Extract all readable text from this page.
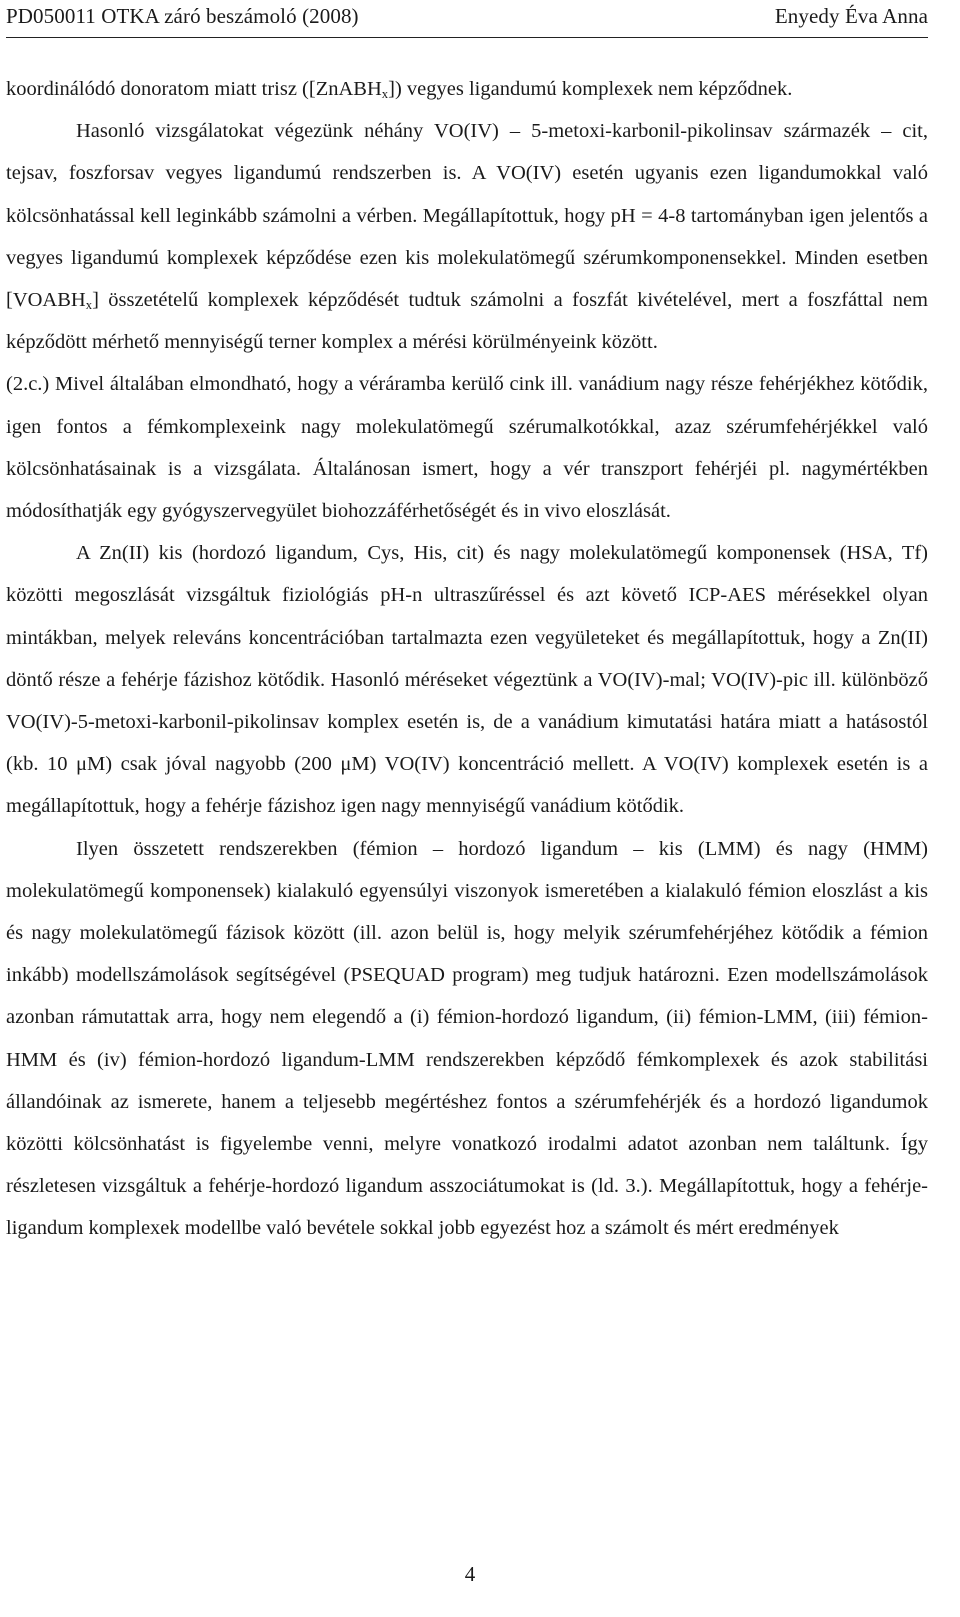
PD050011 OTKA záró beszámoló (2008)	Enyedy Éva Anna

koordinálódó donoratom miatt trisz ([ZnABH$_x$]) vegyes ligandumú komplexek nem képződnek.

Hasonló vizsgálatokat végezünk néhány VO(IV) – 5-metoxi-karbonil-pikolinsav származék – cit, tejsav, foszforsav vegyes ligandumú rendszerben is. A VO(IV) esetén ugyanis ezen ligandumokkal való kölcsönhatással kell leginkább számolni a vérben. Megállapítottuk, hogy pH = 4-8 tartományban igen jelentős a vegyes ligandumú komplexek képződése ezen kis molekulatömegű szérumkomponensekkel. Minden esetben $[VOABH_x]$ összetételű komplexek képződését tudtuk számolni a foszfát kivételével, mert a foszfáttal nem képződött mérhető mennyiségű terner komplex a mérési körülményeink között.

(2.c.) Mivel általában elmondható, hogy a véráramba kerülő cink ill. vanádium nagy része fehérjékhez kötődik, igen fontos a fémkomplexeink nagy molekulatömegű szérumalkotókkal, azaz szérumfehérjékkel való kölcsönhatásainak is a vizsgálata. Általánosan ismert, hogy a vér transzport fehérjéi pl. nagymértékben módosíthatják egy gyógyszervegyület biohozzáférhetőségét és in vivo eloszlását.

A Zn(II) kis (hordozó ligandum, Cys, His, cit) és nagy molekulatömegű komponensek (HSA, Tf) közötti megoszlását vizsgáltuk fiziológiás pH-n ultraszűréssel és azt követő ICP-AES mérésekkel olyan mintákban, melyek releváns koncentrációban tartalmazta ezen vegyületeket és megállapítottuk, hogy a Zn(II) döntő része a fehérje fázishoz kötődik. Hasonló méréseket végeztünk a VO(IV)-mal; VO(IV)-pic ill. különböző VO(IV)-5-metoxi-karbonil-pikolinsav komplex esetén is, de a vanádium kimutatási határa miatt a hatásostól (kb. 10 μM) csak jóval nagyobb (200 μM) VO(IV) koncentráció mellett. A VO(IV) komplexek esetén is a megállapítottuk, hogy a fehérje fázishoz igen nagy mennyiségű vanádium kötődik.

Ilyen összetett rendszerekben (fémion – hordozó ligandum – kis (LMM) és nagy (HMM) molekulatömegű komponensek) kialakuló egyensúlyi viszonyok ismeretében a kialakuló fémion eloszlást a kis és nagy molekulatömegű fázisok között (ill. azon belül is, hogy melyik szérumfehérjéhez kötődik a fémion inkább) modellszámolások segítségével (PSEQUAD program) meg tudjuk határozni. Ezen modellszámolások azonban rámutattak arra, hogy nem elegendő a (i) fémion-hordozó ligandum, (ii) fémion-LMM, (iii) fémion-HMM és (iv) fémion-hordozó ligandum-LMM rendszerekben képződő fémkomplexek és azok stabilitási állandóinak az ismerete, hanem a teljesebb megértéshez fontos a szérumfehérjék és a hordozó ligandumok közötti kölcsönhatást is figyelembe venni, melyre vonatkozó irodalmi adatot azonban nem találtunk. Így részletesen vizsgáltuk a fehérje-hordozó ligandum asszociátumokat is (ld. 3.). Megállapítottuk, hogy a fehérje-ligandum komplexek modellbe való bevétele sokkal jobb egyezést hoz a számolt és mért eredmények

4
